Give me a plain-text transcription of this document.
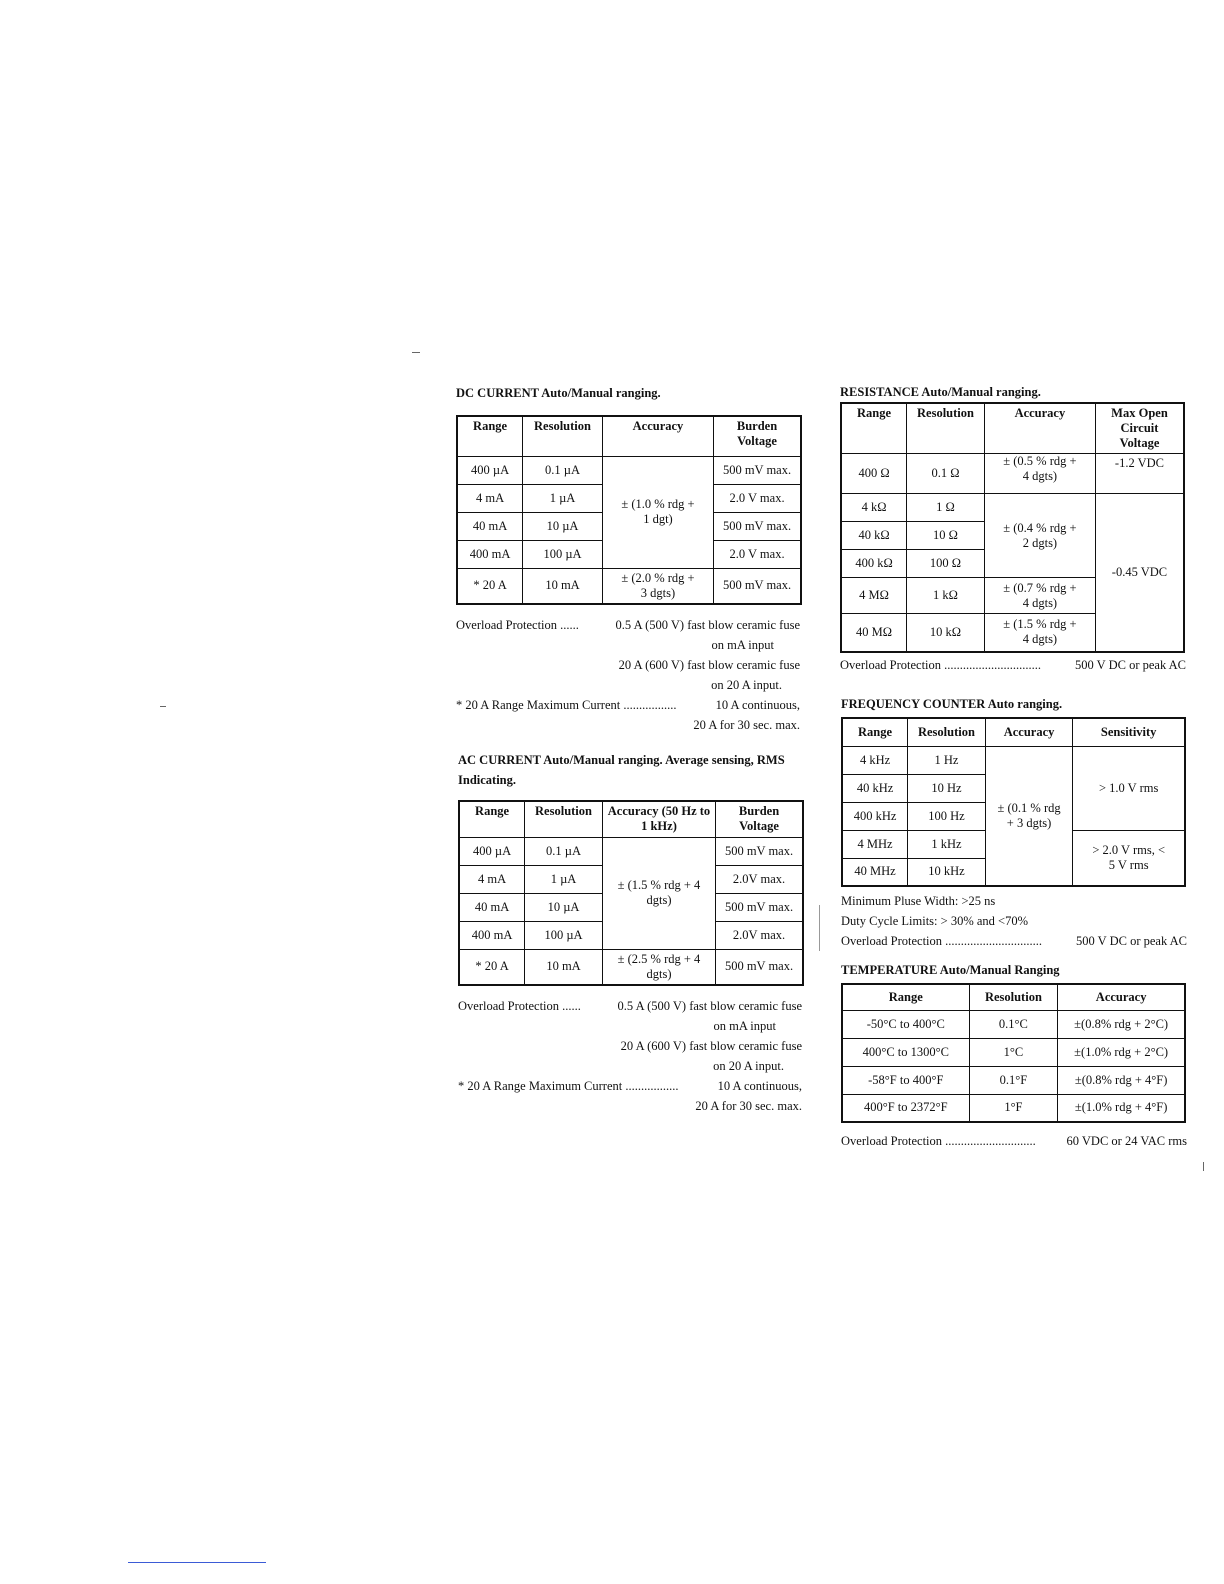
DC CURRENT Auto/Manual ranging.
Range	Resolution	Accuracy	Burden Voltage
400 µA	0.1 µA	± (1.0 % rdg + 1 dgt)	500 mV max.
4 mA	1 µA		2.0 V max.
40 mA	10 µA		500 mV max.
400 mA	100 µA		2.0 V max.
* 20 A	10 mA	± (2.0 % rdg + 3 dgts)	500 mV max.
Overload Protection ......	0.5 A (500 V) fast blow ceramic fuse
on mA input
20 A (600 V) fast blow ceramic fuse
on 20 A input.
* 20 A Range Maximum Current .................	10 A continuous,
20 A for 30 sec. max.
AC CURRENT Auto/Manual ranging. Average sensing, RMS Indicating.
Range	Resolution	Accuracy (50 Hz to 1 kHz)	Burden Voltage
400 µA	0.1 µA	± (1.5 % rdg + 4 dgts)	500 mV max.
4 mA	1 µA		2.0V max.
40 mA	10 µA		500 mV max.
400 mA	100 µA		2.0V max.
* 20 A	10 mA	± (2.5 % rdg + 4 dgts)	500 mV max.
Overload Protection ......	0.5 A (500 V) fast blow ceramic fuse
on mA input
20 A (600 V) fast blow ceramic fuse
on 20 A input.
* 20 A Range Maximum Current .................	10 A continuous,
20 A for 30 sec. max.
RESISTANCE Auto/Manual ranging.
Range	Resolution	Accuracy	Max Open Circuit Voltage
400 Ω	0.1 Ω	± (0.5 % rdg + 4 dgts)	-1.2 VDC
4 kΩ	1 Ω	± (0.4 % rdg + 2 dgts)	-0.45 VDC
40 kΩ	10 Ω		
400 kΩ	100 Ω		
4 MΩ	1 kΩ	± (0.7 % rdg + 4 dgts)	
40 MΩ	10 kΩ	± (1.5 % rdg + 4 dgts)	
Overload Protection ...............................	500 V DC or peak AC
FREQUENCY COUNTER Auto ranging.
Range	Resolution	Accuracy	Sensitivity
4 kHz	1 Hz	± (0.1 % rdg + 3 dgts)	> 1.0 V rms
40 kHz	10 Hz		
400 kHz	100 Hz		
4 MHz	1 kHz		> 2.0 V rms, < 5 V rms
40 MHz	10 kHz		
Minimum Pluse Width: >25 ns
Duty Cycle Limits: > 30% and <70%
Overload Protection ...............................	500 V DC or peak AC
TEMPERATURE Auto/Manual Ranging
Range	Resolution	Accuracy
-50°C to 400°C	0.1°C	±(0.8% rdg + 2°C)
400°C to 1300°C	1°C	±(1.0% rdg + 2°C)
-58°F to 400°F	0.1°F	±(0.8% rdg + 4°F)
400°F to 2372°F	1°F	±(1.0% rdg + 4°F)
Overload Protection ............................. 60 VDC or 24 VAC rms
